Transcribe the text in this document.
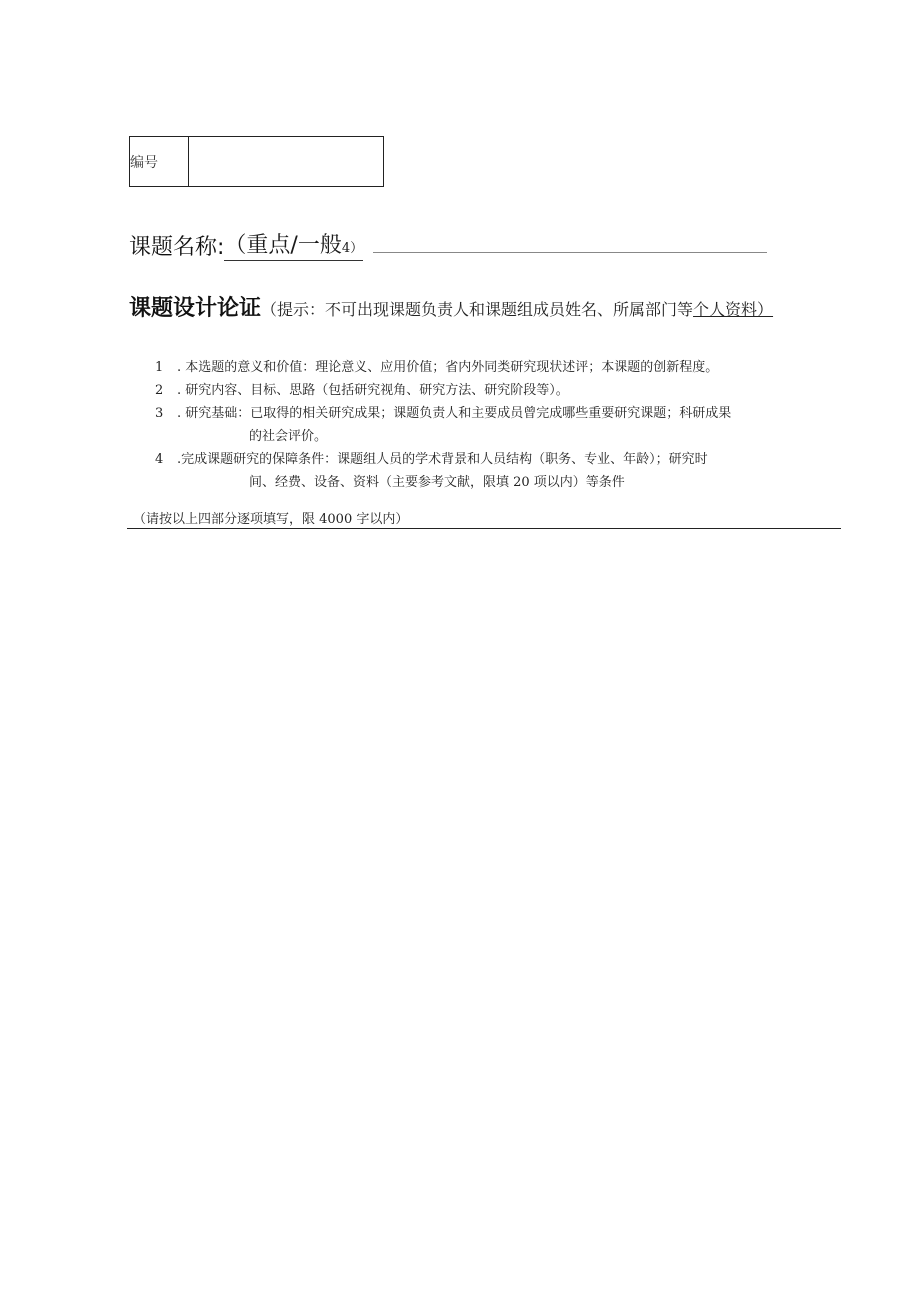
编号
课题名称: （重点/一般4）
课题设计论证（提示：不可出现课题负责人和课题组成员姓名、所属部门等个人资料）
1	. 本选题的意义和价值：理论意义、应用价值；省内外同类研究现状述评；本课题的创新程度。
2	. 研究内容、目标、思路（包括研究视角、研究方法、研究阶段等）。
3	. 研究基础：已取得的相关研究成果；课题负责人和主要成员曾完成哪些重要研究课题；科研成果
的社会评价。
4	.完成课题研究的保障条件：课题组人员的学术背景和人员结构（职务、专业、年龄）；研究时
间、经费、设备、资料（主要参考文献，限填 20 项以内）等条件
（请按以上四部分逐项填写，限 4000 字以内）
